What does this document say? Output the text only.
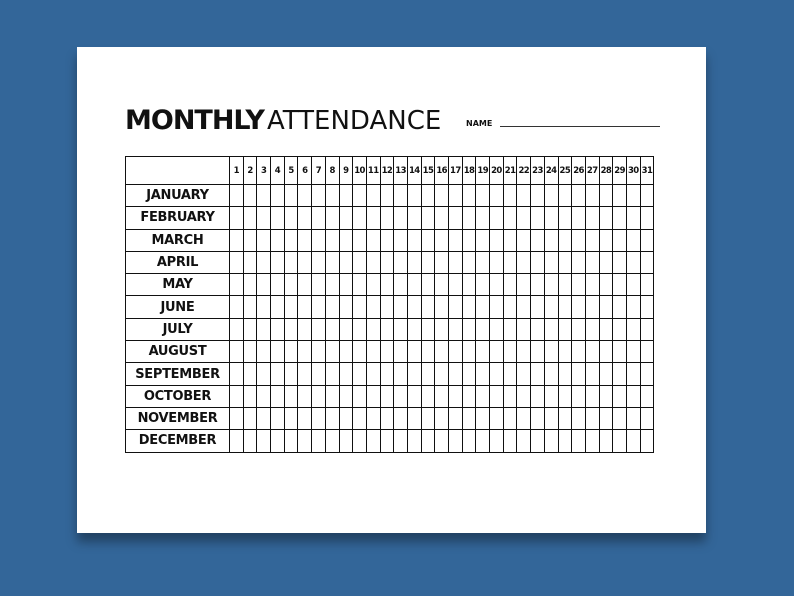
MONTHLY ATTENDANCE	NAME
	1	2	3	4	5	6	7	8	9	10	11	12	13	14	15	16	17	18	19	20	21	22	23	24	25	26	27	28	29	30	31
JANUARY																															
FEBRUARY																															
MARCH																															
APRIL																															
MAY																															
JUNE																															
JULY																															
AUGUST																															
SEPTEMBER																															
OCTOBER																															
NOVEMBER																															
DECEMBER																															
